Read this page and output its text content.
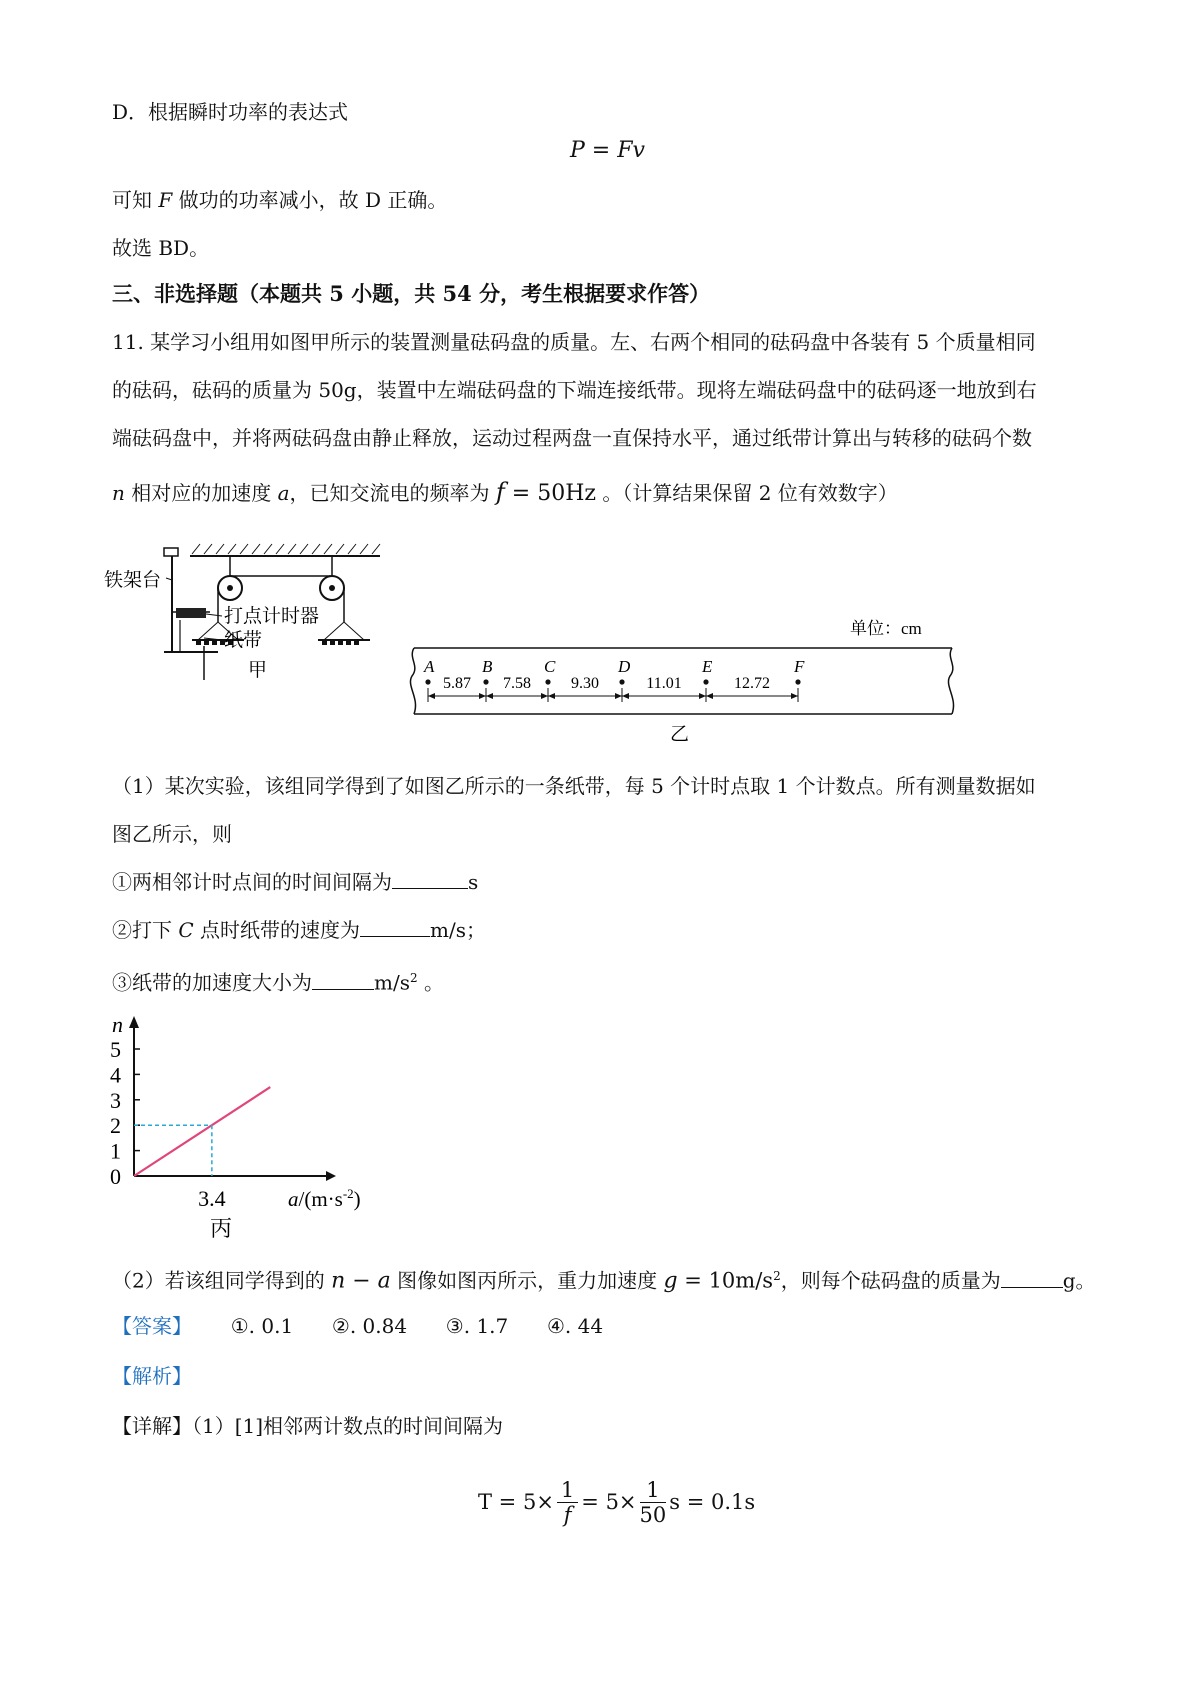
D．根据瞬时功率的表达式
P = Fv
可知 F 做功的功率减小，故 D 正确。
故选 BD。
三、非选择题（本题共 5 小题，共 54 分，考生根据要求作答）
11. 某学习小组用如图甲所示的装置测量砝码盘的质量。左、右两个相同的砝码盘中各装有 5 个质量相同
的砝码，砝码的质量为 50g，装置中左端砝码盘的下端连接纸带。现将左端砝码盘中的砝码逐一地放到右
端砝码盘中，并将两砝码盘由静止释放，运动过程两盘一直保持水平，通过纸带计算出与转移的砝码个数
n 相对应的加速度 a，已知交流电的频率为 f = 50Hz 。（计算结果保留 2 位有效数字）
铁架台
打点计时器
纸带
甲
单位：cm
A	B	C	D	E	F
5.87 7.58	9.30	11.01	12.72
乙
（1）某次实验，该组同学得到了如图乙所示的一条纸带，每 5 个计时点取 1 个计数点。所有测量数据如
图乙所示，则
①两相邻计时点间的时间间隔为	s
②打下 C 点时纸带的速度为	m/s；
③纸带的加速度大小为	$m/s^2$ 。
n
0
1
2
3
4
5
3.4	$a/(m\cdot s^{-2})$
丙
（2）若该组同学得到的 n − a 图像如图丙所示，重力加速度 $g = 10m/s^2$，则每个砝码盘的质量为	g。
【答案】 ①. 0.1 ②. 0.84 ③. 1.7 ④. 44
【解析】
【详解】（1）[1]相邻两计数点的时间间隔为
$T = 5\times \frac{1}{f} = 5\times \frac{1}{50}$ s = 0.1s
